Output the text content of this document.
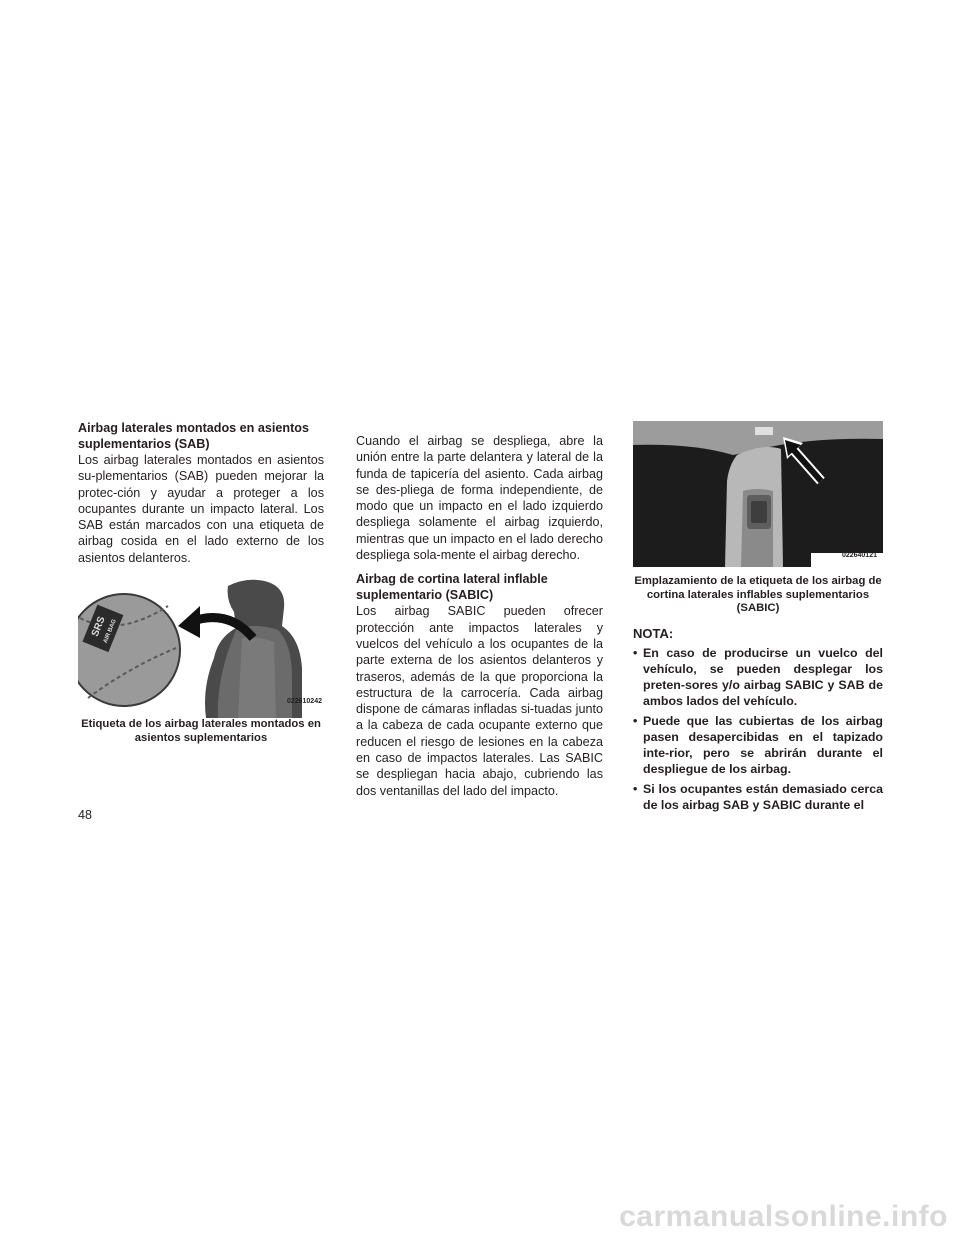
Airbag laterales montados en asientos suplementarios (SAB)

Los airbag laterales montados en asientos su-plementarios (SAB) pueden mejorar la protec-ción y ayudar a proteger a los ocupantes durante un impacto lateral. Los SAB están marcados con una etiqueta de airbag cosida en el lado externo de los asientos delanteros.

SRS
AIR BAG
022610242

Etiqueta de los airbag laterales montados en asientos suplementarios

Cuando el airbag se despliega, abre la unión entre la parte delantera y lateral de la funda de tapicería del asiento. Cada airbag se des-pliega de forma independiente, de modo que un impacto en el lado izquierdo despliega solamente el airbag izquierdo, mientras que un impacto en el lado derecho despliega sola-mente el airbag derecho.

Airbag de cortina lateral inflable suplementario (SABIC)

Los airbag SABIC pueden ofrecer protección ante impactos laterales y vuelcos del vehículo a los ocupantes de la parte externa de los asientos delanteros y traseros, además de la que proporciona la estructura de la carrocería. Cada airbag dispone de cámaras infladas si-tuadas junto a la cabeza de cada ocupante externo que reducen el riesgo de lesiones en la cabeza en caso de impactos laterales. Las SABIC se despliegan hacia abajo, cubriendo las dos ventanillas del lado del impacto.

022640121

Emplazamiento de la etiqueta de los airbag de cortina laterales inflables suplementarios (SABIC)

NOTA:

• En caso de producirse un vuelco del vehículo, se pueden desplegar los preten-sores y/o airbag SABIC y SAB de ambos lados del vehículo.
• Puede que las cubiertas de los airbag pasen desapercibidas en el tapizado inte-rior, pero se abrirán durante el despliegue de los airbag.
• Si los ocupantes están demasiado cerca de los airbag SAB y SABIC durante el
48
carmanualsonline.info
